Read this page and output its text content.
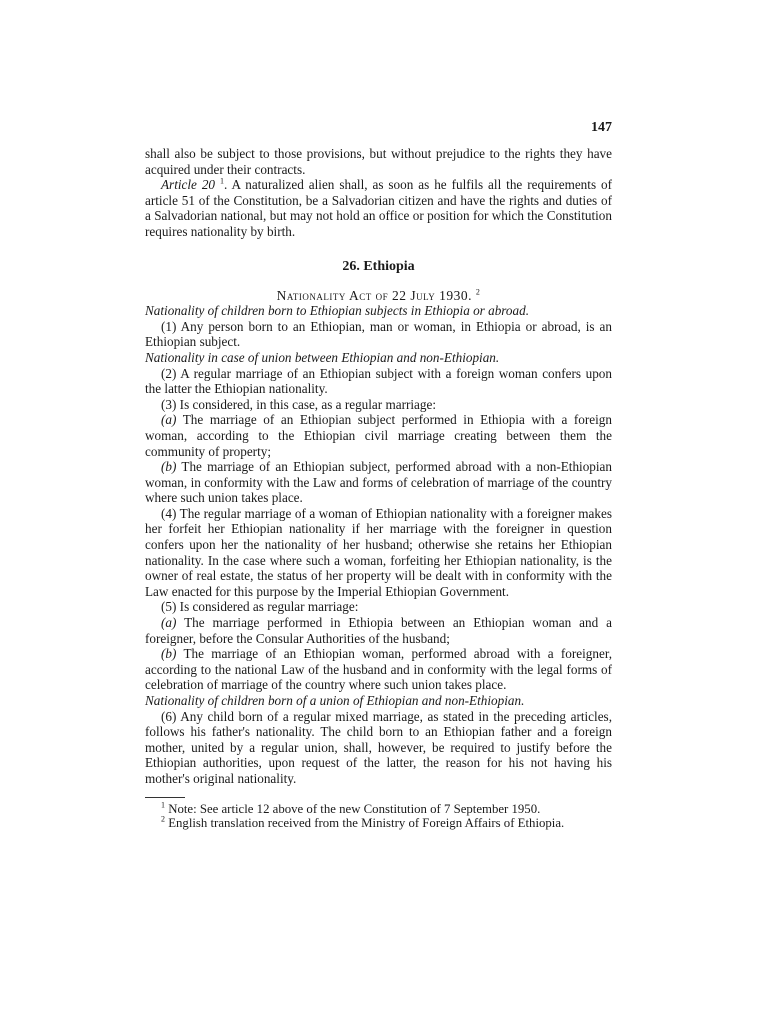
147

shall also be subject to those provisions, but without prejudice to the rights they have acquired under their contracts.

Article 20 $^1$. A naturalized alien shall, as soon as he fulfils all the requirements of article 51 of the Constitution, be a Salvadorian citizen and have the rights and duties of a Salvadorian national, but may not hold an office or position for which the Constitution requires nationality by birth.

26. Ethiopia
Nationality Act of 22 July 1930. $^2$

Nationality of children born to Ethiopian subjects in Ethiopia or abroad.

(1) Any person born to an Ethiopian, man or woman, in Ethiopia or abroad, is an Ethiopian subject.

Nationality in case of union between Ethiopian and non-Ethiopian.

(2) A regular marriage of an Ethiopian subject with a foreign woman confers upon the latter the Ethiopian nationality.

(3) Is considered, in this case, as a regular marriage:

(a) The marriage of an Ethiopian subject performed in Ethiopia with a foreign woman, according to the Ethiopian civil marriage creating between them the community of property;

(b) The marriage of an Ethiopian subject, performed abroad with a non-Ethiopian woman, in conformity with the Law and forms of celebration of marriage of the country where such union takes place.

(4) The regular marriage of a woman of Ethiopian nationality with a foreigner makes her forfeit her Ethiopian nationality if her marriage with the foreigner in question confers upon her the nationality of her husband; otherwise she retains her Ethiopian nationality. In the case where such a woman, forfeiting her Ethiopian nationality, is the owner of real estate, the status of her property will be dealt with in conformity with the Law enacted for this purpose by the Imperial Ethiopian Government.

(5) Is considered as regular marriage:

(a) The marriage performed in Ethiopia between an Ethiopian woman and a foreigner, before the Consular Authorities of the husband;

(b) The marriage of an Ethiopian woman, performed abroad with a foreigner, according to the national Law of the husband and in conformity with the legal forms of celebration of marriage of the country where such union takes place.

Nationality of children born of a union of Ethiopian and non-Ethiopian.

(6) Any child born of a regular mixed marriage, as stated in the preceding articles, follows his father's nationality. The child born to an Ethiopian father and a foreign mother, united by a regular union, shall, however, be required to justify before the Ethiopian authorities, upon request of the latter, the reason for his not having his mother's original nationality.

$^1$ Note: See article 12 above of the new Constitution of 7 September 1950.

$^2$ English translation received from the Ministry of Foreign Affairs of Ethiopia.
